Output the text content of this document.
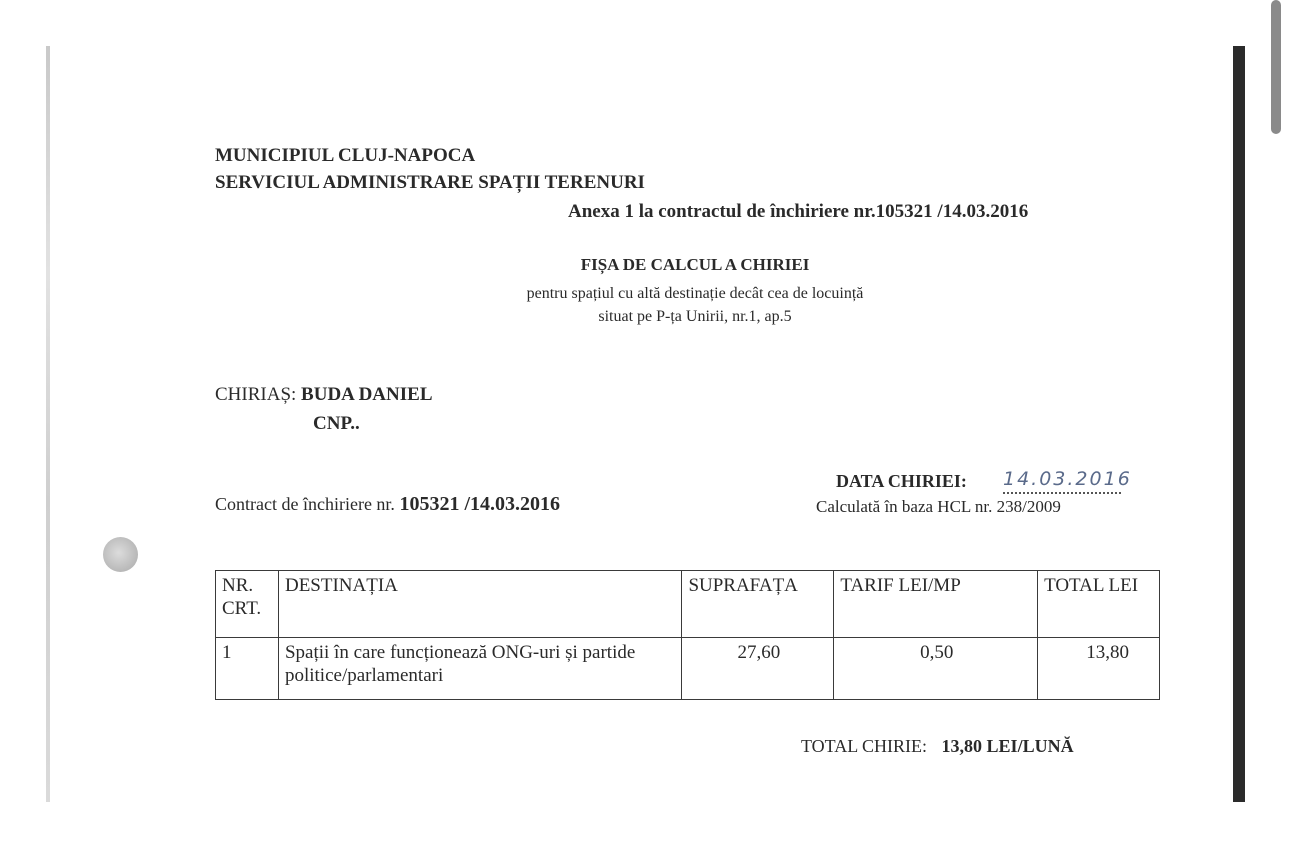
MUNICIPIUL CLUJ-NAPOCA
SERVICIUL ADMINISTRARE SPAȚII TERENURI
Anexa 1 la contractul de închiriere nr.105321 /14.03.2016
FIȘA DE CALCUL A CHIRIEI
pentru spațiul cu altă destinație decât cea de locuință
situat pe P-ța Unirii, nr.1, ap.5
CHIRIAȘ: BUDA DANIEL
CNP..
DATA CHIRIEI: 14.03.2016
Contract de închiriere nr. 105321 /14.03.2016	Calculată în baza HCL nr. 238/2009
NR. CRT.	DESTINAȚIA	SUPRAFAȚA	TARIF LEI/MP	TOTAL LEI
1	Spații în care funcționează ONG-uri și partide politice/parlamentari	27,60	0,50	13,80
TOTAL CHIRIE: 13,80 LEI/LUNĂ
